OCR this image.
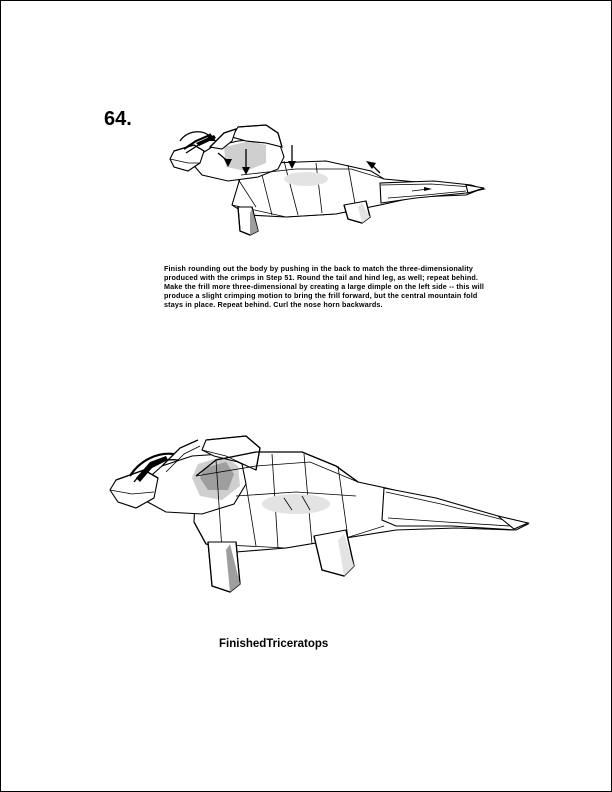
64.
Finish rounding out the body by pushing in the back to match the three-dimensionality produced with the crimps in Step 51. Round the tail and hind leg, as well; repeat behind. Make the frill more three-dimensional by creating a large dimple on the left side -- this will produce a slight crimping motion to bring the frill forward, but the central mountain fold stays in place. Repeat behind. Curl the nose horn backwards.
FinishedTriceratops
